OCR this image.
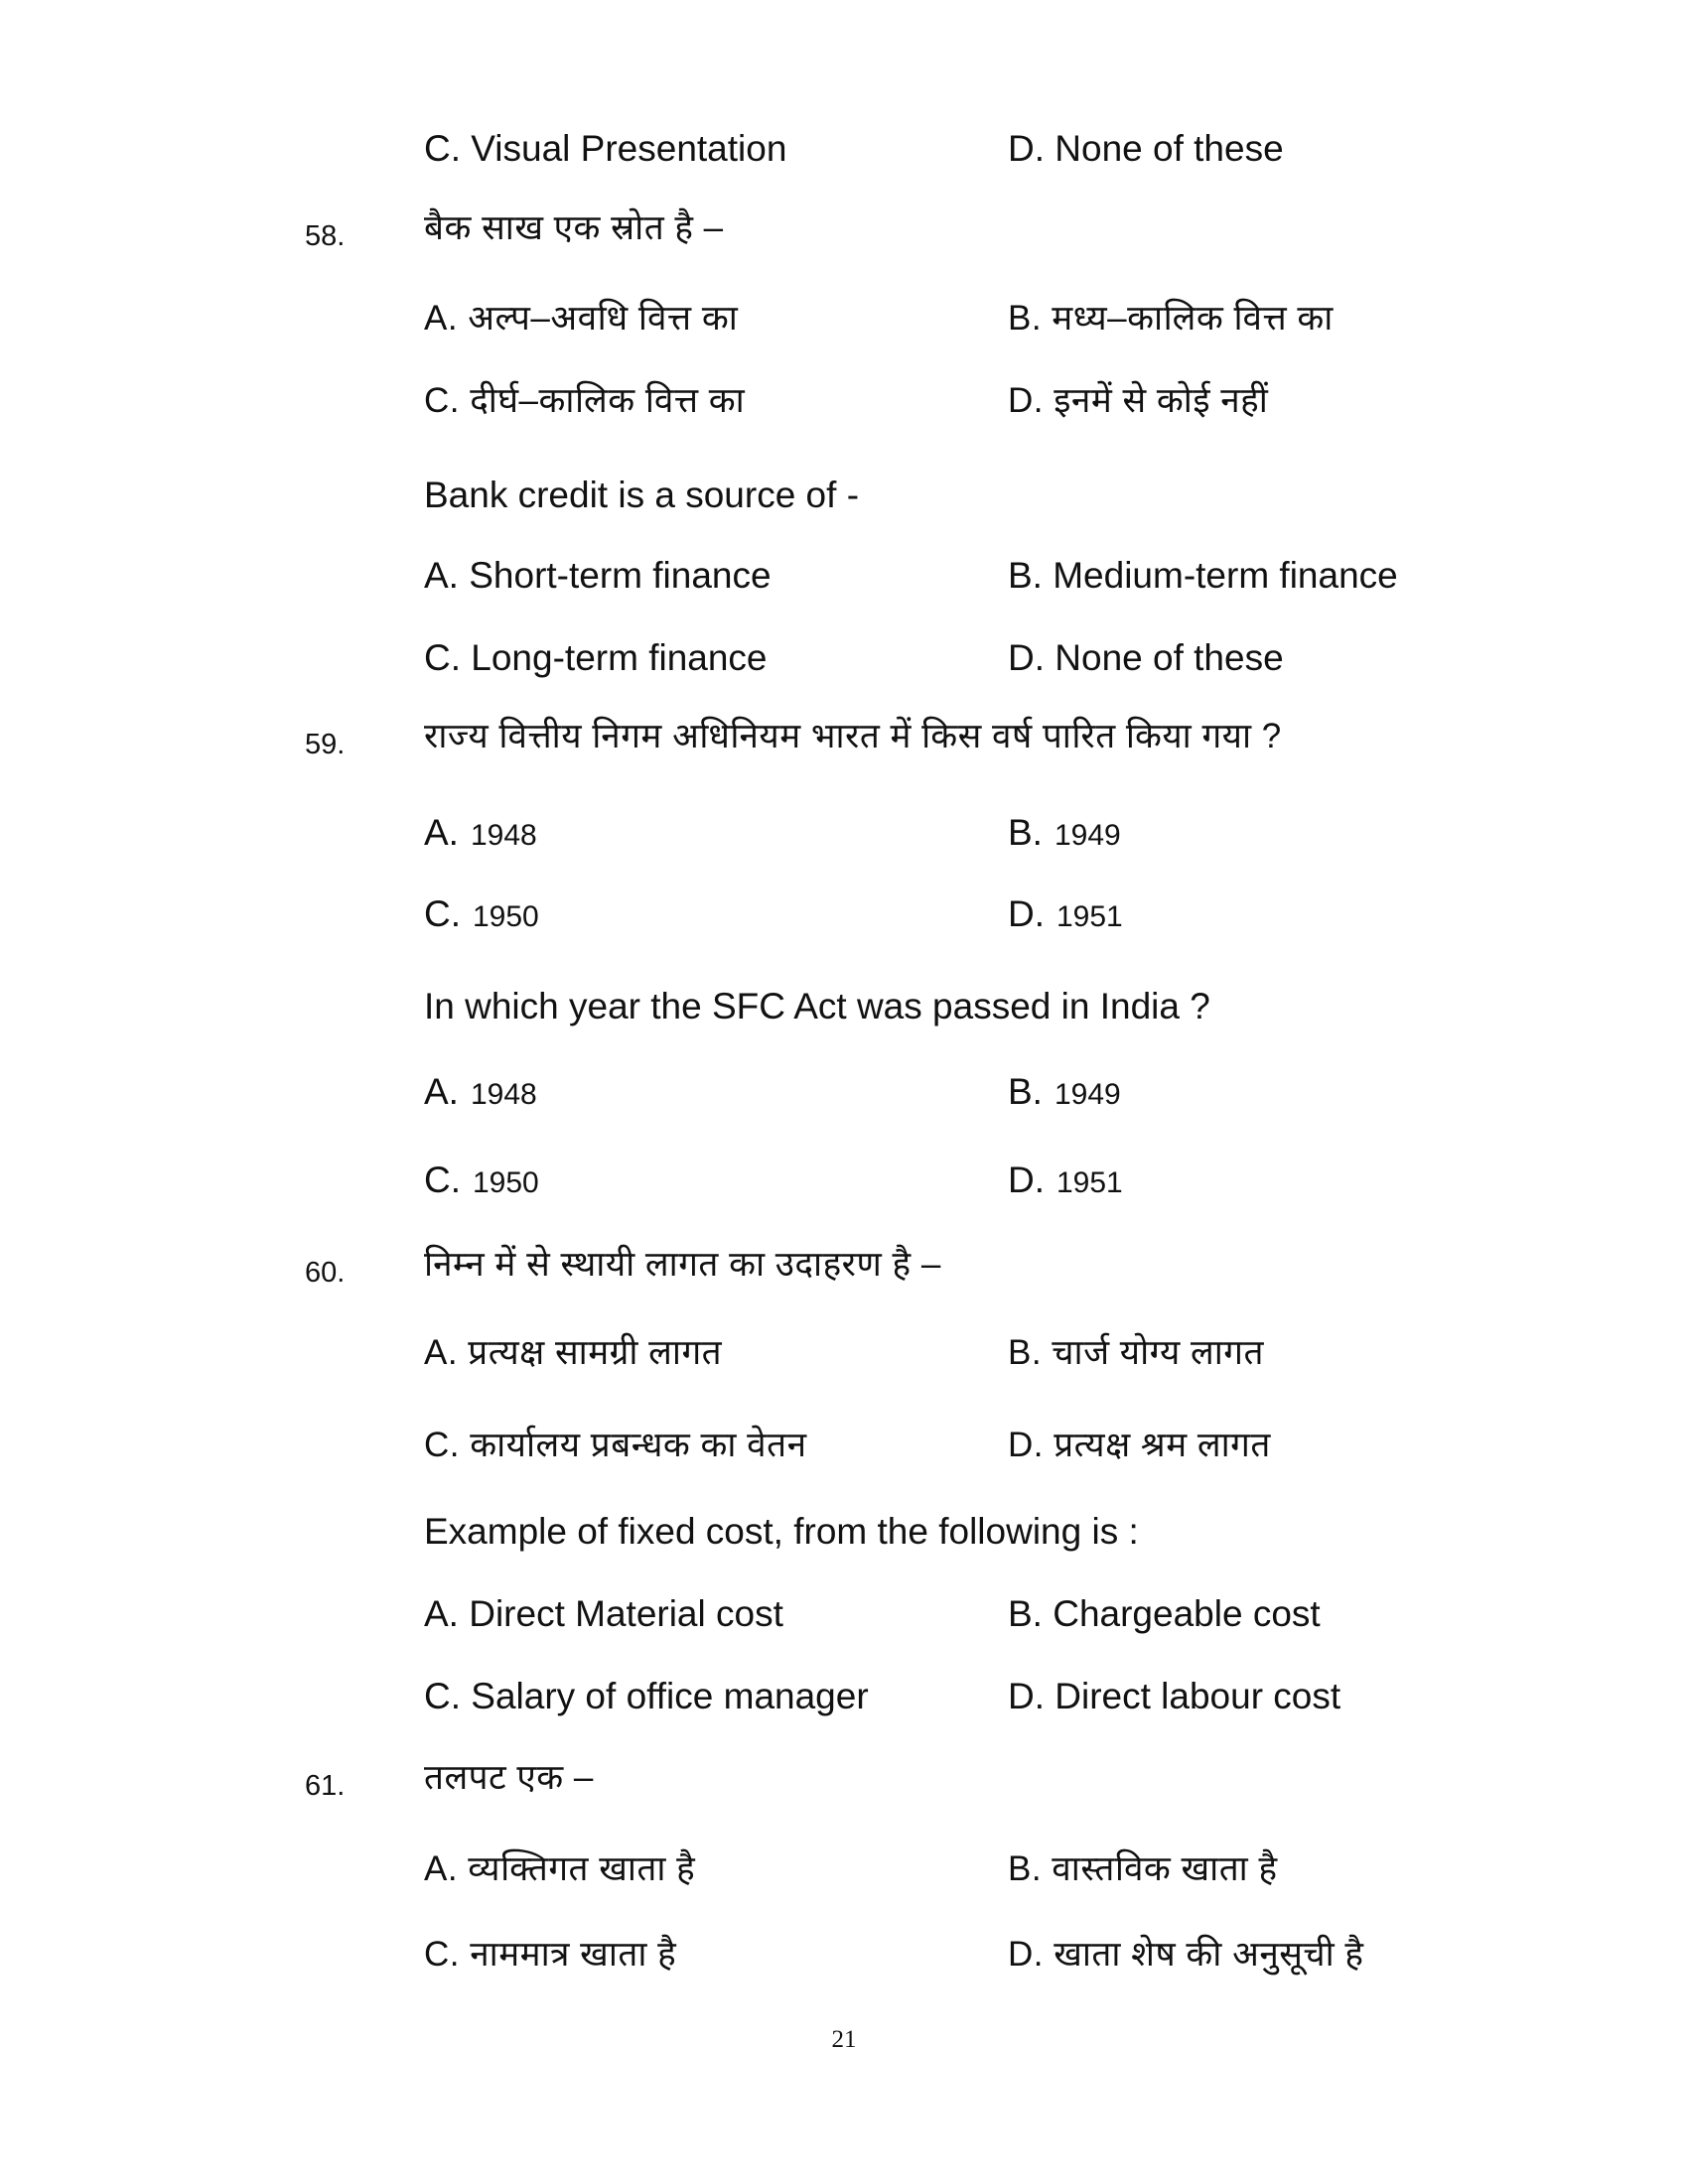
C. Visual Presentation	D. None of these
58. बैक साख एक स्रोत है –
A. अल्प–अवधि वित्त का	B. मध्य–कालिक वित्त का
C. दीर्घ–कालिक वित्त का	D. इनमें से कोई नहीं
Bank credit is a source of -
A. Short-term finance	B. Medium-term finance
C. Long-term finance	D. None of these
59. राज्य वित्तीय निगम अधिनियम भारत में किस वर्ष पारित किया गया ?
A. 1948	B. 1949
C. 1950	D. 1951
In which year the SFC Act was passed in India ?
A. 1948	B. 1949
C. 1950	D. 1951
60. निम्न में से स्थायी लागत का उदाहरण है –
A. प्रत्यक्ष सामग्री लागत	B. चार्ज योग्य लागत
C. कार्यालय प्रबन्धक का वेतन	D. प्रत्यक्ष श्रम लागत
Example of fixed cost, from the following is :
A. Direct Material cost	B. Chargeable cost
C. Salary of office manager	D. Direct labour cost
61. तलपट एक –
A. व्यक्तिगत खाता है	B. वास्तविक खाता है
C. नाममात्र खाता है	D. खाता शेष की अनुसूची है
21
